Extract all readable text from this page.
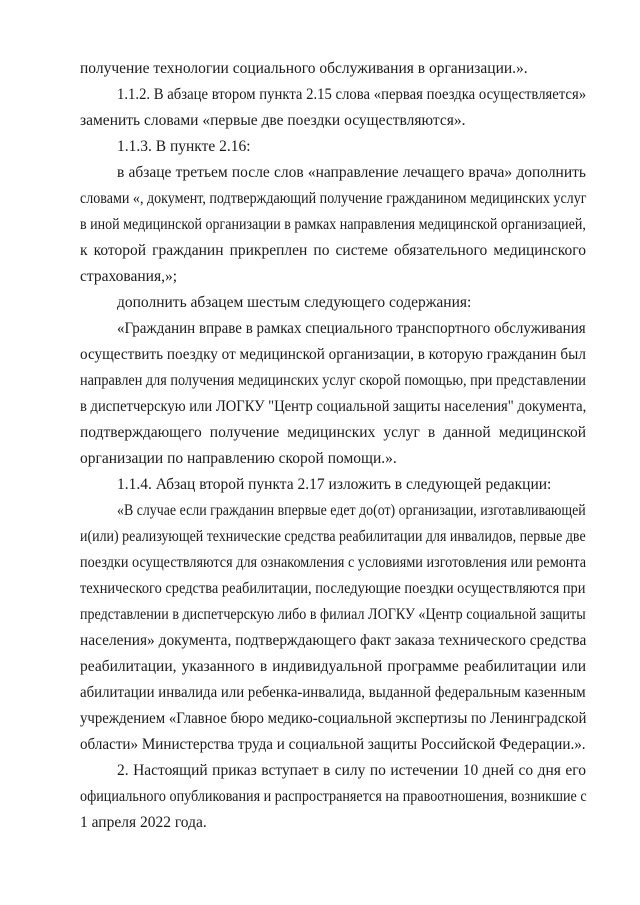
получение технологии социального обслуживания в организации.».
1.1.2. В абзаце втором пункта 2.15 слова «первая поездка осуществляется»
заменить словами «первые две поездки осуществляются».
1.1.3. В пункте 2.16:
в абзаце третьем после слов «направление лечащего врача» дополнить
словами «, документ, подтверждающий получение гражданином медицинских услуг
в иной медицинской организации в рамках направления медицинской организацией,
к которой гражданин прикреплен по системе обязательного медицинского
страхования,»;
дополнить абзацем шестым следующего содержания:
«Гражданин вправе в рамках специального транспортного обслуживания
осуществить поездку от медицинской организации, в которую гражданин был
направлен для получения медицинских услуг скорой помощью, при представлении
в диспетчерскую или ЛОГКУ "Центр социальной защиты населения" документа,
подтверждающего получение медицинских услуг в данной медицинской
организации по направлению скорой помощи.».
1.1.4. Абзац второй пункта 2.17 изложить в следующей редакции:
«В случае если гражданин впервые едет до(от) организации, изготавливающей
и(или) реализующей технические средства реабилитации для инвалидов, первые две
поездки осуществляются для ознакомления с условиями изготовления или ремонта
технического средства реабилитации, последующие поездки осуществляются при
представлении в диспетчерскую либо в филиал ЛОГКУ «Центр социальной защиты
населения» документа, подтверждающего факт заказа технического средства
реабилитации, указанного в индивидуальной программе реабилитации или
абилитации инвалида или ребенка-инвалида, выданной федеральным казенным
учреждением «Главное бюро медико-социальной экспертизы по Ленинградской
области» Министерства труда и социальной защиты Российской Федерации.».
2. Настоящий приказ вступает в силу по истечении 10 дней со дня его
официального опубликования и распространяется на правоотношения, возникшие с
1 апреля 2022 года.
